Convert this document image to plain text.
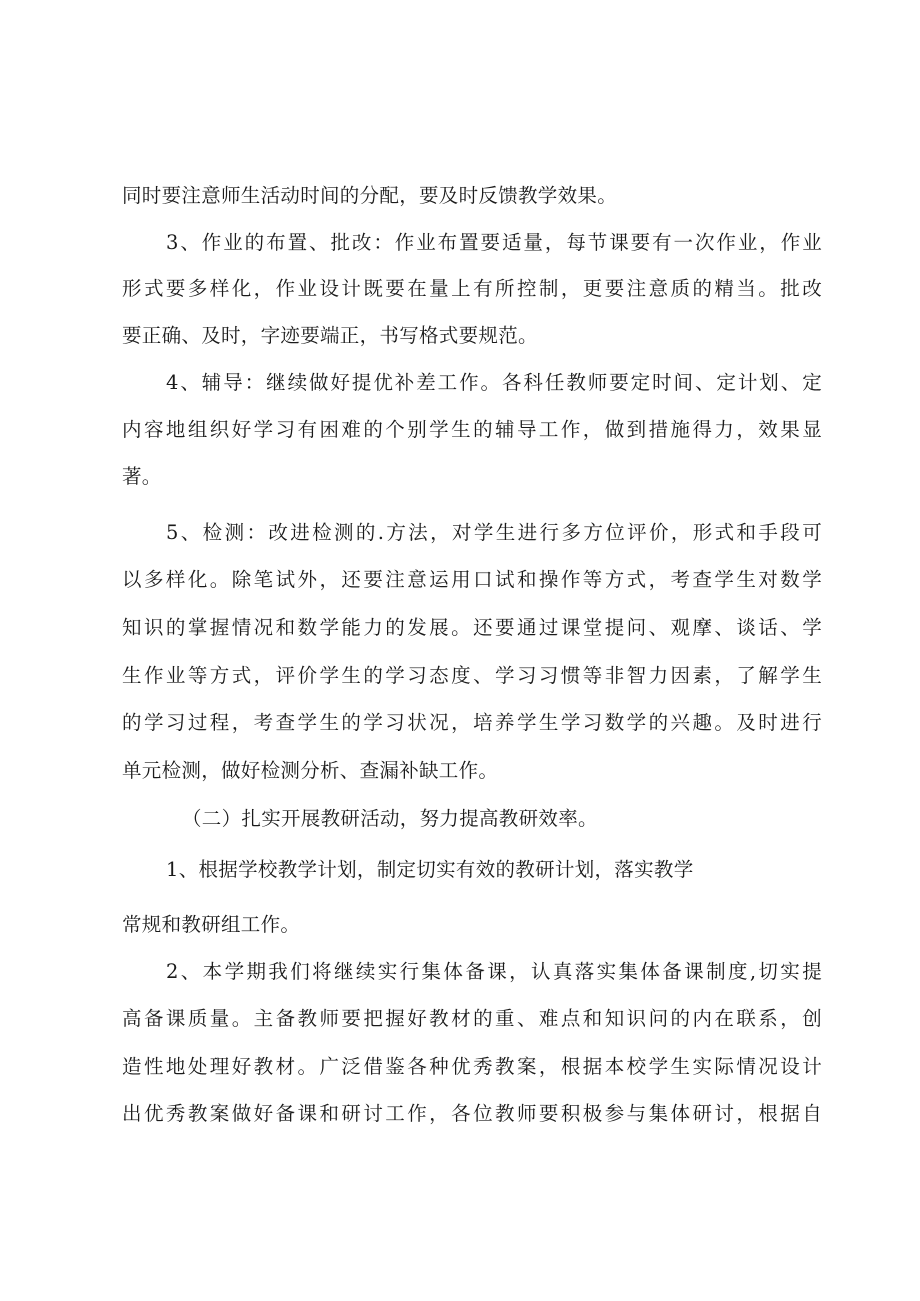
同时要注意师生活动时间的分配，要及时反馈教学效果。
3、作业的布置、批改：作业布置要适量，每节课要有一次作业，作业
形式要多样化，作业设计既要在量上有所控制，更要注意质的精当。批改
要正确、及时，字迹要端正，书写格式要规范。
4、辅导：继续做好提优补差工作。各科任教师要定时间、定计划、定
内容地组织好学习有困难的个别学生的辅导工作，做到措施得力，效果显
著。
5、检测：改进检测的.方法，对学生进行多方位评价，形式和手段可
以多样化。除笔试外，还要注意运用口试和操作等方式，考查学生对数学
知识的掌握情况和数学能力的发展。还要通过课堂提问、观摩、谈话、学
生作业等方式，评价学生的学习态度、学习习惯等非智力因素，了解学生
的学习过程，考查学生的学习状况，培养学生学习数学的兴趣。及时进行
单元检测，做好检测分析、查漏补缺工作。
（二）扎实开展教研活动，努力提高教研效率。
1、根据学校教学计划，制定切实有效的教研计划，落实教学
常规和教研组工作。
2、本学期我们将继续实行集体备课，认真落实集体备课制度,切实提
高备课质量。主备教师要把握好教材的重、难点和知识问的内在联系，创
造性地处理好教材。广泛借鉴各种优秀教案，根据本校学生实际情况设计
出优秀教案做好备课和研讨工作，各位教师要积极参与集体研讨，根据自
